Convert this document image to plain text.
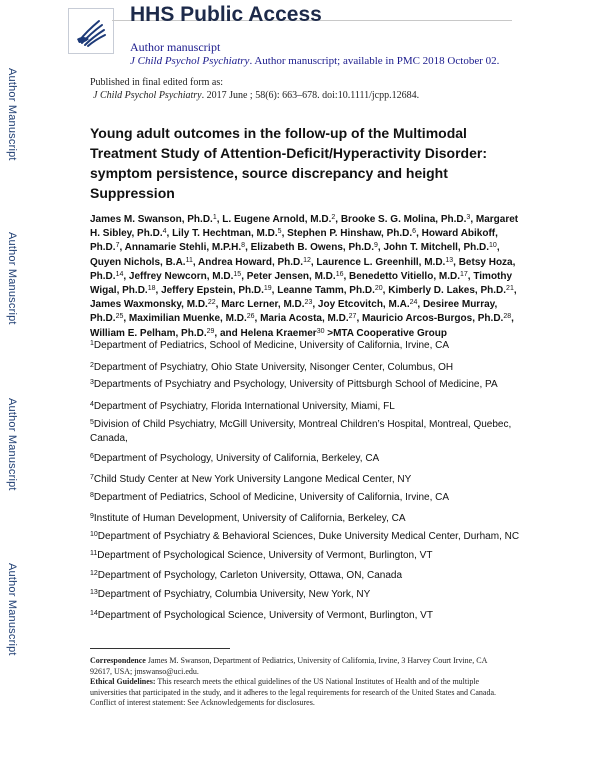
Author Manuscript
Author Manuscript
Author Manuscript
Author Manuscript
HHS Public Access
Author manuscript
J Child Psychol Psychiatry. Author manuscript; available in PMC 2018 October 02.
Published in final edited form as:
J Child Psychol Psychiatry. 2017 June ; 58(6): 663–678. doi:10.1111/jcpp.12684.
Young adult outcomes in the follow-up of the Multimodal Treatment Study of Attention-Deficit/Hyperactivity Disorder: symptom persistence, source discrepancy and height Suppression
James M. Swanson, Ph.D.$^1$, L. Eugene Arnold, M.D.$^2$, Brooke S. G. Molina, Ph.D.$^3$, Margaret H. Sibley, Ph.D.$^4$, Lily T. Hechtman, M.D.$^5$, Stephen P. Hinshaw, Ph.D.$^6$, Howard Abikoff, Ph.D.$^7$, Annamarie Stehli, M.P.H.$^8$, Elizabeth B. Owens, Ph.D.$^9$, John T. Mitchell, Ph.D.$^{10}$, Quyen Nichols, B.A.$^{11}$, Andrea Howard, Ph.D.$^{12}$, Laurence L. Greenhill, M.D.$^{13}$, Betsy Hoza, Ph.D.$^{14}$, Jeffrey Newcorn, M.D.$^{15}$, Peter Jensen, M.D.$^{16}$, Benedetto Vitiello, M.D.$^{17}$, Timothy Wigal, Ph.D.$^{18}$, Jeffery Epstein, Ph.D.$^{19}$, Leanne Tamm, Ph.D.$^{20}$, Kimberly D. Lakes, Ph.D.$^{21}$, James Waxmonsky, M.D.$^{22}$, Marc Lerner, M.D.$^{23}$, Joy Etcovitch, M.A.$^{24}$, Desiree Murray, Ph.D.$^{25}$, Maximilian Muenke, M.D.$^{26}$, Maria Acosta, M.D.$^{27}$, Mauricio Arcos-Burgos, Ph.D.$^{28}$, William E. Pelham, Ph.D.$^{29}$, and Helena Kraemer$^{30}$ >MTA Cooperative Group
$^1$Department of Pediatrics, School of Medicine, University of California, Irvine, CA
$^2$Department of Psychiatry, Ohio State University, Nisonger Center, Columbus, OH
$^3$Departments of Psychiatry and Psychology, University of Pittsburgh School of Medicine, PA
$^4$Department of Psychiatry, Florida International University, Miami, FL
$^5$Division of Child Psychiatry, McGill University, Montreal Children’s Hospital, Montreal, Quebec, Canada,
$^6$Department of Psychology, University of California, Berkeley, CA
$^7$Child Study Center at New York University Langone Medical Center, NY
$^8$Department of Pediatrics, School of Medicine, University of California, Irvine, CA
$^9$Institute of Human Development, University of California, Berkeley, CA
$^{10}$Department of Psychiatry & Behavioral Sciences, Duke University Medical Center, Durham, NC
$^{11}$Department of Psychological Science, University of Vermont, Burlington, VT
$^{12}$Department of Psychology, Carleton University, Ottawa, ON, Canada
$^{13}$Department of Psychiatry, Columbia University, New York, NY
$^{14}$Department of Psychological Science, University of Vermont, Burlington, VT
Correspondence James M. Swanson, Department of Pediatrics, University of California, Irvine, 3 Harvey Court Irvine, CA 92617, USA; jmswanso@uci.edu.
Ethical Guidelines: This research meets the ethical guidelines of the US National Institutes of Health and of the multiple universities that participated in the study, and it adheres to the legal requirements for research of the United States and Canada.
Conflict of interest statement: See Acknowledgements for disclosures.
